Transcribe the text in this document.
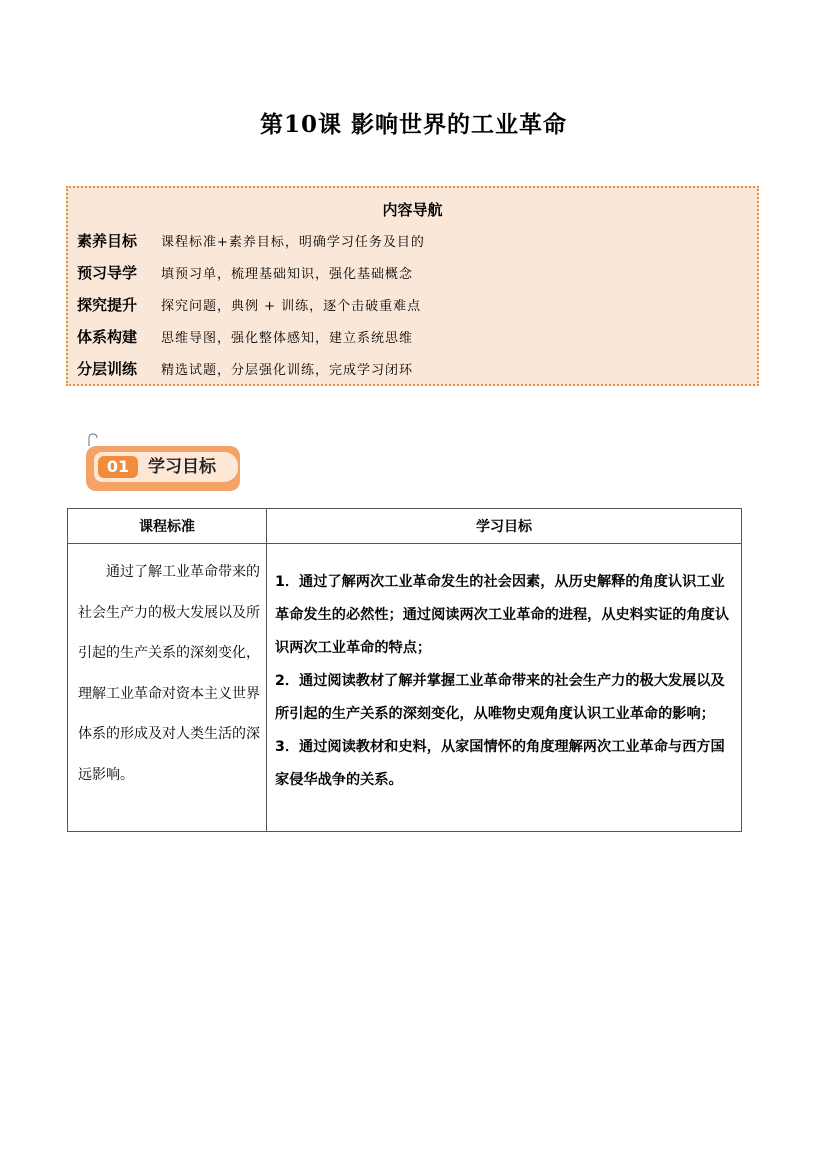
第10课 影响世界的工业革命
内容导航
素养目标	课程标准+素养目标，明确学习任务及目的
预习导学	填预习单，梳理基础知识，强化基础概念
探究提升	探究问题，典例 + 训练，逐个击破重难点
体系构建	思维导图，强化整体感知，建立系统思维
分层训练	精选试题，分层强化训练，完成学习闭环
01	学习目标
课程标准	学习目标

通过了解工业革命带来的社会生产力的极大发展以及所引起的生产关系的深刻变化，理解工业革命对资本主义世界体系的形成及对人类生活的深远影响。	1．通过了解两次工业革命发生的社会因素，从历史解释的角度认识工业革命发生的必然性；通过阅读两次工业革命的进程，从史料实证的角度认识两次工业革命的特点；

2．通过阅读教材了解并掌握工业革命带来的社会生产力的极大发展以及所引起的生产关系的深刻变化，从唯物史观角度认识工业革命的影响；

3．通过阅读教材和史料，从家国情怀的角度理解两次工业革命与西方国家侵华战争的关系。
